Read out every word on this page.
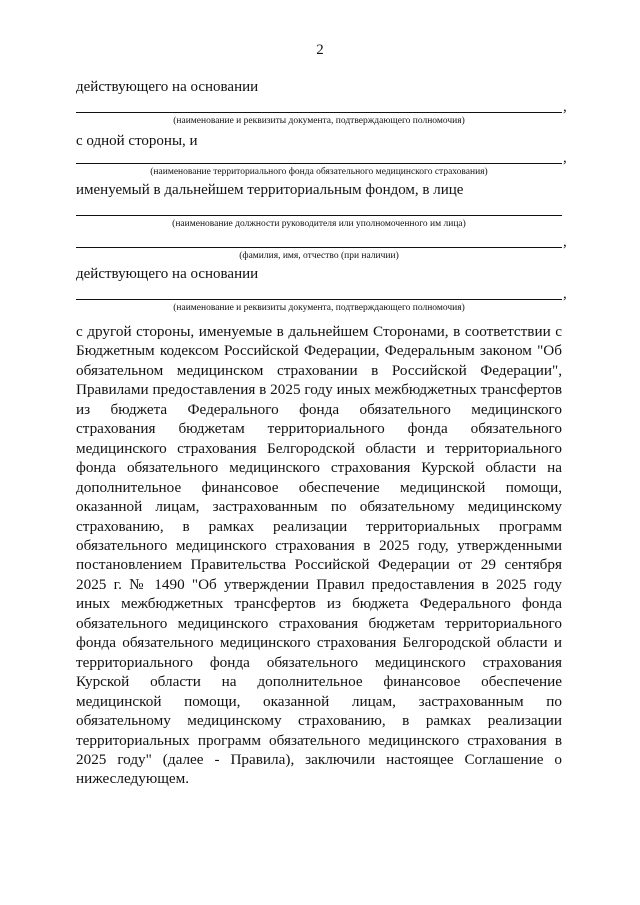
2
действующего на основании
,
(наименование и реквизиты документа, подтверждающего полномочия)
с одной стороны, и
,
(наименование территориального фонда обязательного медицинского страхования)
именуемый в дальнейшем территориальным фондом, в лице
(наименование должности руководителя или уполномоченного им лица)
,
(фамилия, имя, отчество (при наличии)
действующего на основании
,
(наименование и реквизиты документа, подтверждающего полномочия)

с другой стороны, именуемые в дальнейшем Сторонами, в соответствии с Бюджетным кодексом Российской Федерации, Федеральным законом "Об обязательном медицинском страховании в Российской Федерации", Правилами предоставления в 2025 году иных межбюджетных трансфертов из бюджета Федерального фонда обязательного медицинского страхования бюджетам территориального фонда обязательного медицинского страхования Белгородской области и территориального фонда обязательного медицинского страхования Курской области на дополнительное финансовое обеспечение медицинской помощи, оказанной лицам, застрахованным по обязательному медицинскому страхованию, в рамках реализации территориальных программ обязательного медицинского страхования в 2025 году, утвержденными постановлением Правительства Российской Федерации от 29 сентября 2025 г. № 1490 "Об утверждении Правил предоставления в 2025 году иных межбюджетных трансфертов из бюджета Федерального фонда обязательного медицинского страхования бюджетам территориального фонда обязательного медицинского страхования Белгородской области и территориального фонда обязательного медицинского страхования Курской области на дополнительное финансовое обеспечение медицинской помощи, оказанной лицам, застрахованным по обязательному медицинскому страхованию, в рамках реализации территориальных программ обязательного медицинского страхования в 2025 году" (далее - Правила), заключили настоящее Соглашение о нижеследующем.
